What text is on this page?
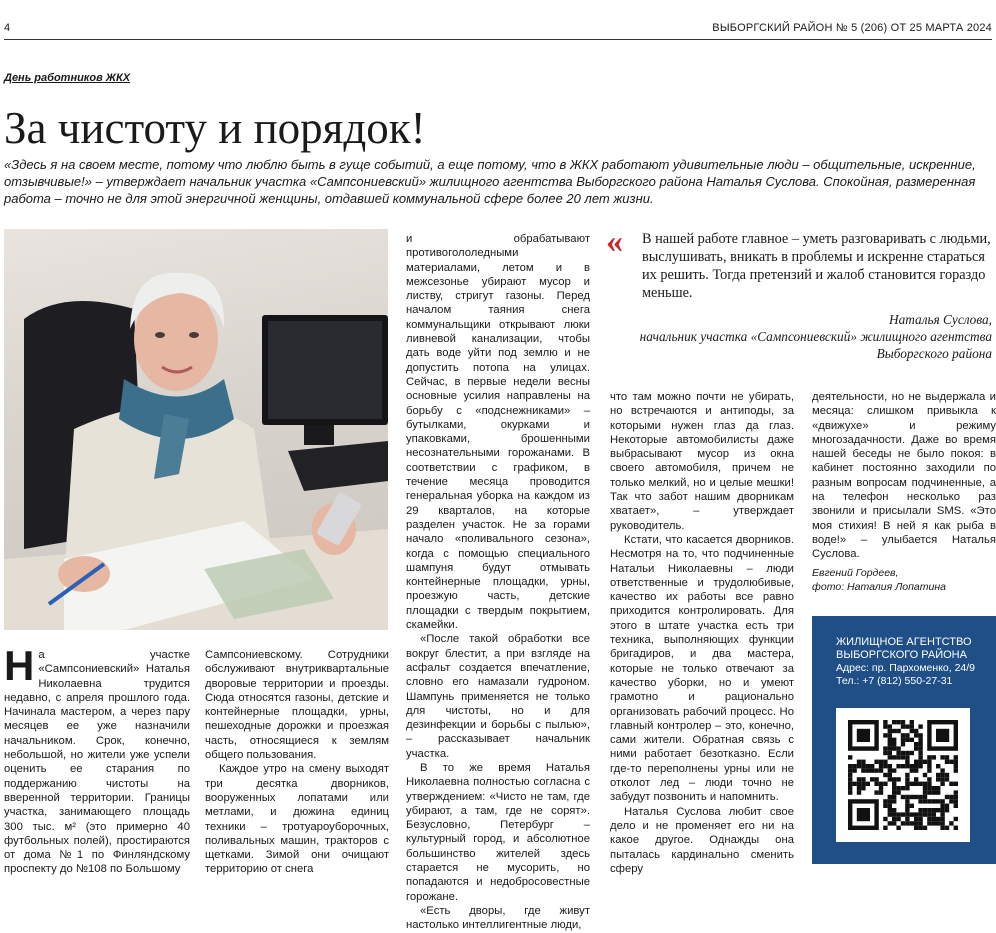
4	ВЫБОРГСКИЙ РАЙОН № 5 (206) ОТ 25 МАРТА 2024
День работников ЖКХ
За чистоту и порядок!
«Здесь я на своем месте, потому что люблю быть в гуще событий, а еще потому, что в ЖКХ работают удивительные люди – общительные, искренние, отзывчивые!» – утверждает начальник участка «Сампсониевский» жилищного агентства Выборгского района Наталья Суслова. Спокойная, размеренная работа – точно не для этой энергичной женщины, отдавшей коммунальной сфере более 20 лет жизни.
Н а участке «Сампсониевский» Наталья Николаевна трудится недавно, с апреля прошлого года. Начинала мастером, а через пару месяцев ее уже назначили начальником. Срок, конечно, небольшой, но жители уже успели оценить ее старания по поддержанию чистоты на вверенной территории. Границы участка, занимающего площадь 300 тыс. м² (это примерно 40 футбольных полей), простираются от дома №1 по Финляндскому проспекту до №108 по Большому

Сампсониевскому. Сотрудники обслуживают внутриквартальные дворовые территории и проезды. Сюда относятся газоны, детские и контейнерные площадки, урны, пешеходные дорожки и проезжая часть, относящиеся к землям общего пользования.

Каждое утро на смену выходят три десятка дворников, вооруженных лопатами или метлами, и дюжина единиц техники – тротуароуборочных, поливальных машин, тракторов с щетками. Зимой они очищают территорию от снега

и обрабатывают противогололедными материалами, летом и в межсезонье убирают мусор и листву, стригут газоны. Перед началом таяния снега коммунальщики открывают люки ливневой канализации, чтобы дать воде уйти под землю и не допустить потопа на улицах. Сейчас, в первые недели весны основные усилия направлены на борьбу с «подснежниками» – бутылками, окурками и упаковками, брошенными несознательными горожанами. В соответствии с графиком, в течение месяца проводится генеральная уборка на каждом из 29 кварталов, на которые разделен участок. Не за горами начало «поливального сезона», когда с помощью специального шампуня будут отмывать контейнерные площадки, урны, проезжую часть, детские площадки с твердым покрытием, скамейки.

«После такой обработки все вокруг блестит, а при взгляде на асфальт создается впечатление, словно его намазали гудроном. Шампунь применяется не только для чистоты, но и для дезинфекции и борьбы с пылью», – рассказывает начальник участка.

В то же время Наталья Николаевна полностью согласна с утверждением: «Чисто не там, где убирают, а там, где не сорят». Безусловно, Петербург – культурный город, и абсолютное большинство жителей здесь старается не мусорить, но попадаются и недобросовестные горожане.

«Есть дворы, где живут настолько интеллигентные люди,

« В нашей работе главное – уметь разговаривать с людьми, выслушивать, вникать в проблемы и искренне стараться их решить. Тогда претензий и жалоб становится гораздо меньше.
Наталья Суслова,
начальник участка «Сампсониевский» жилищного агентства Выборгского района

что там можно почти не убирать, но встречаются и антиподы, за которыми нужен глаз да глаз. Некоторые автомобилисты даже выбрасывают мусор из окна своего автомобиля, причем не только мелкий, но и целые мешки! Так что забот нашим дворникам хватает», – утверждает руководитель.

Кстати, что касается дворников. Несмотря на то, что подчиненные Натальи Николаевны – люди ответственные и трудолюбивые, качество их работы все равно приходится контролировать. Для этого в штате участка есть три техника, выполняющих функции бригадиров, и два мастера, которые не только отвечают за качество уборки, но и умеют грамотно и рационально организовать рабочий процесс. Но главный контролер – это, конечно, сами жители. Обратная связь с ними работает безотказно. Если где-то переполнены урны или не отколот лед – люди точно не забудут позвонить и напомнить.

Наталья Суслова любит свое дело и не променяет его ни на какое другое. Однажды она пыталась кардинально сменить сферу

деятельности, но не выдержала и месяца: слишком привыкла к «движухе» и режиму многозадачности. Даже во время нашей беседы не было покоя: в кабинет постоянно заходили по разным вопросам подчиненные, а на телефон несколько раз звонили и присылали SMS. «Это моя стихия! В ней я как рыба в воде!» – улыбается Наталья Суслова.

Евгений Гордеев,
фото: Наталия Лопатина
ЖИЛИЩНОЕ АГЕНТСТВО
ВЫБОРГСКОГО РАЙОНА
Адрес: пр. Пархоменко, 24/9
Тел.: +7 (812) 550-27-31
